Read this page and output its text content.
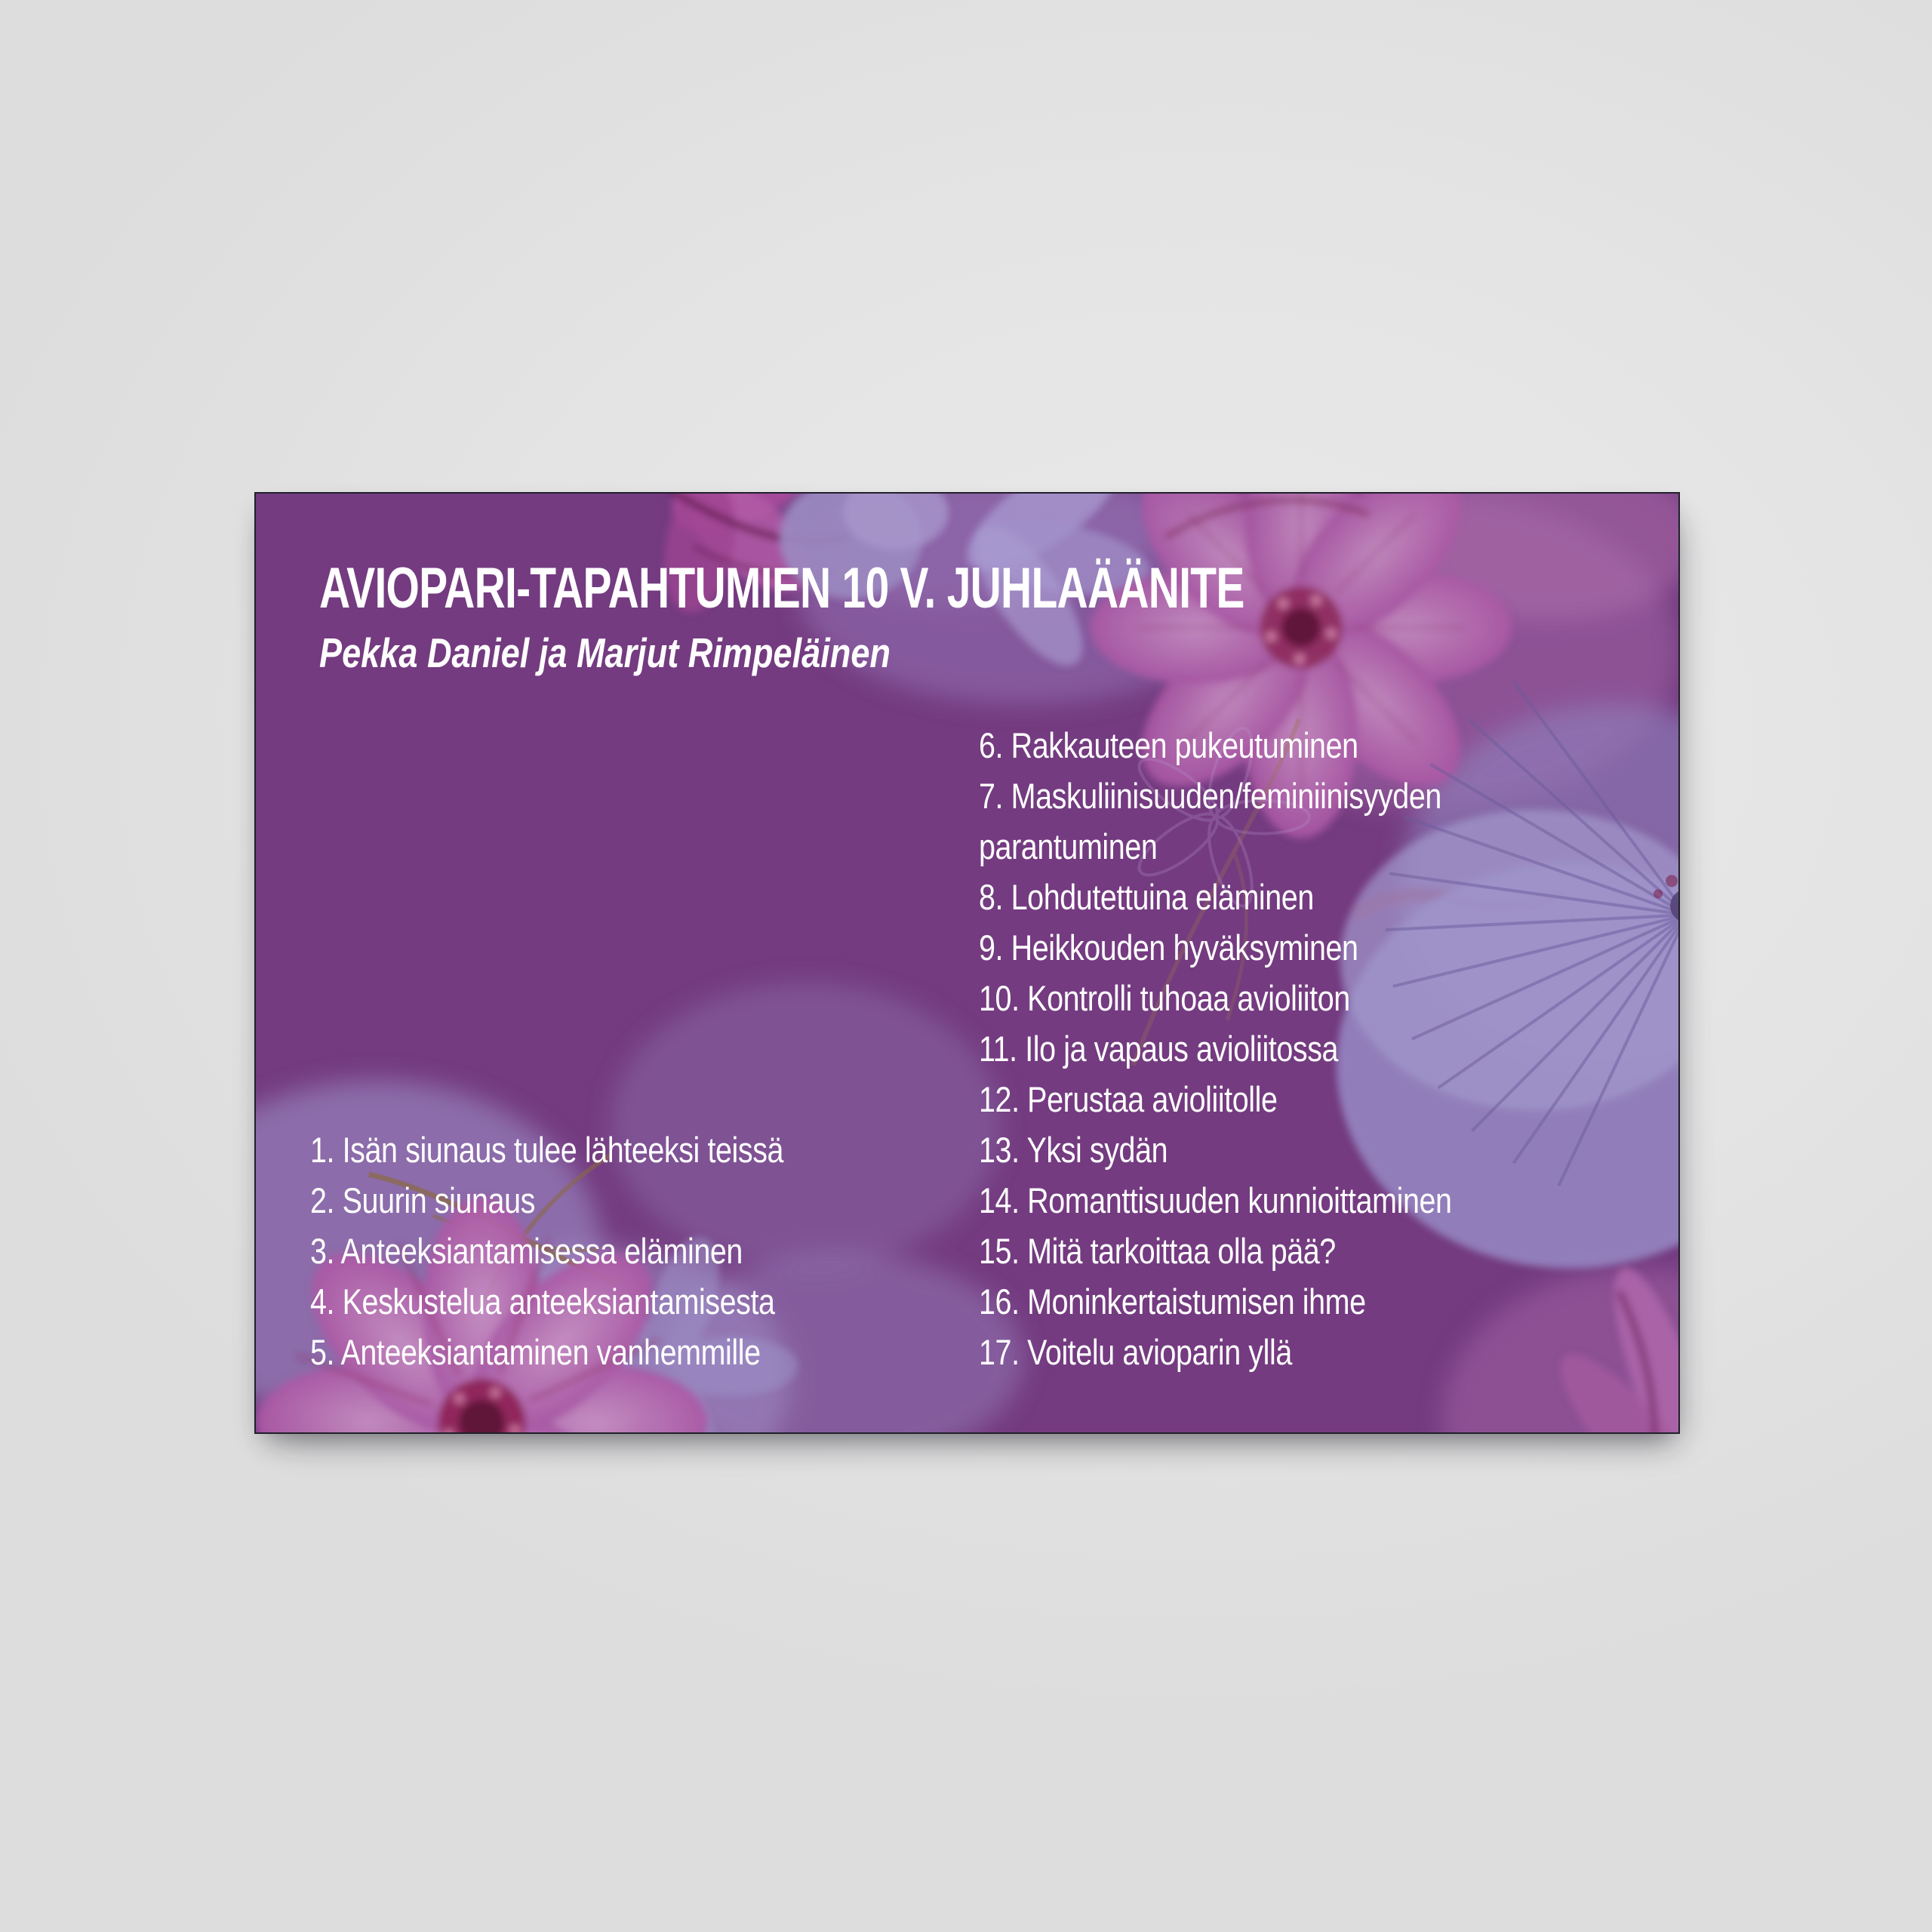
AVIOPARI-TAPAHTUMIEN 10 V. JUHLAÄÄNITE
Pekka Daniel ja Marjut Rimpeläinen
1. Isän siunaus tulee lähteeksi teissä
2. Suurin siunaus
3. Anteeksiantamisessa eläminen
4. Keskustelua anteeksiantamisesta
5. Anteeksiantaminen vanhemmille
6. Rakkauteen pukeutuminen
7. Maskuliinisuuden/feminiinisyyden
parantuminen
8. Lohdutettuina eläminen
9. Heikkouden hyväksyminen
10. Kontrolli tuhoaa avioliiton
11. Ilo ja vapaus avioliitossa
12. Perustaa avioliitolle
13. Yksi sydän
14. Romanttisuuden kunnioittaminen
15. Mitä tarkoittaa olla pää?
16. Moninkertaistumisen ihme
17. Voitelu avioparin yllä
